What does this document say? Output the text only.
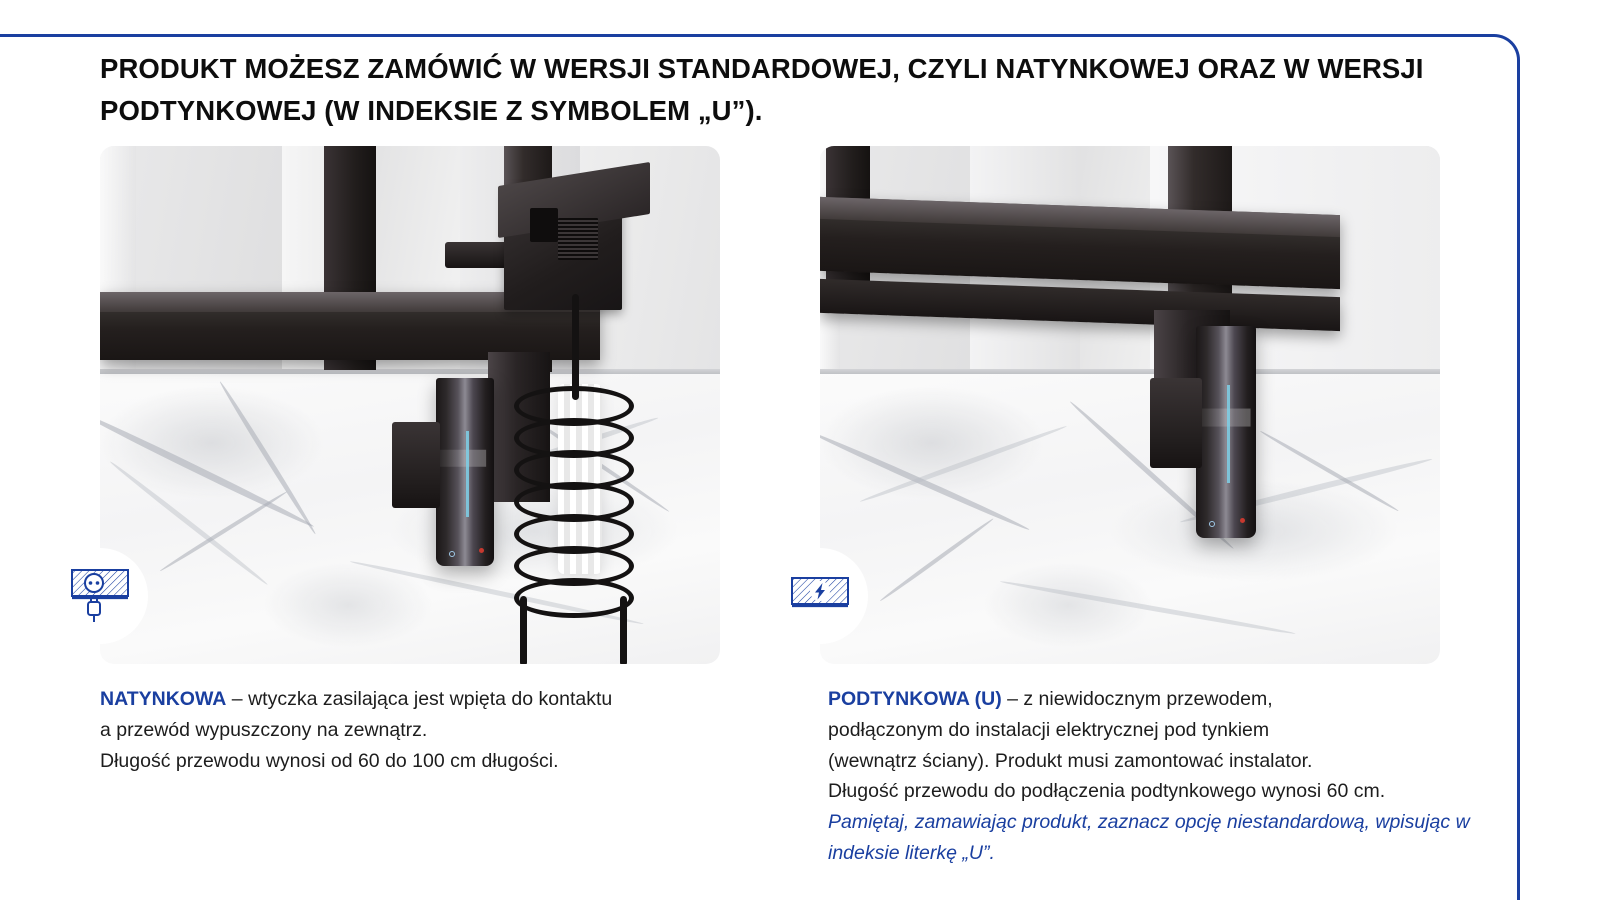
PRODUKT MOŻESZ ZAMÓWIĆ W WERSJI STANDARDOWEJ, CZYLI NATYNKOWEJ ORAZ W WERSJI PODTYNKOWEJ (W INDEKSIE Z SYMBOLEM „U”).
NATYNKOWA – wtyczka zasilająca jest wpięta do kontaktu
a przewód wypuszczony na zewnątrz.
Długość przewodu wynosi od 60 do 100 cm długości.
PODTYNKOWA (U) – z niewidocznym przewodem,
podłączonym do instalacji elektrycznej pod tynkiem
(wewnątrz ściany). Produkt musi zamontować instalator.
Długość przewodu do podłączenia podtynkowego wynosi 60 cm.
Pamiętaj, zamawiając produkt, zaznacz opcję niestandardową, wpisując w indeksie literkę „U”.
